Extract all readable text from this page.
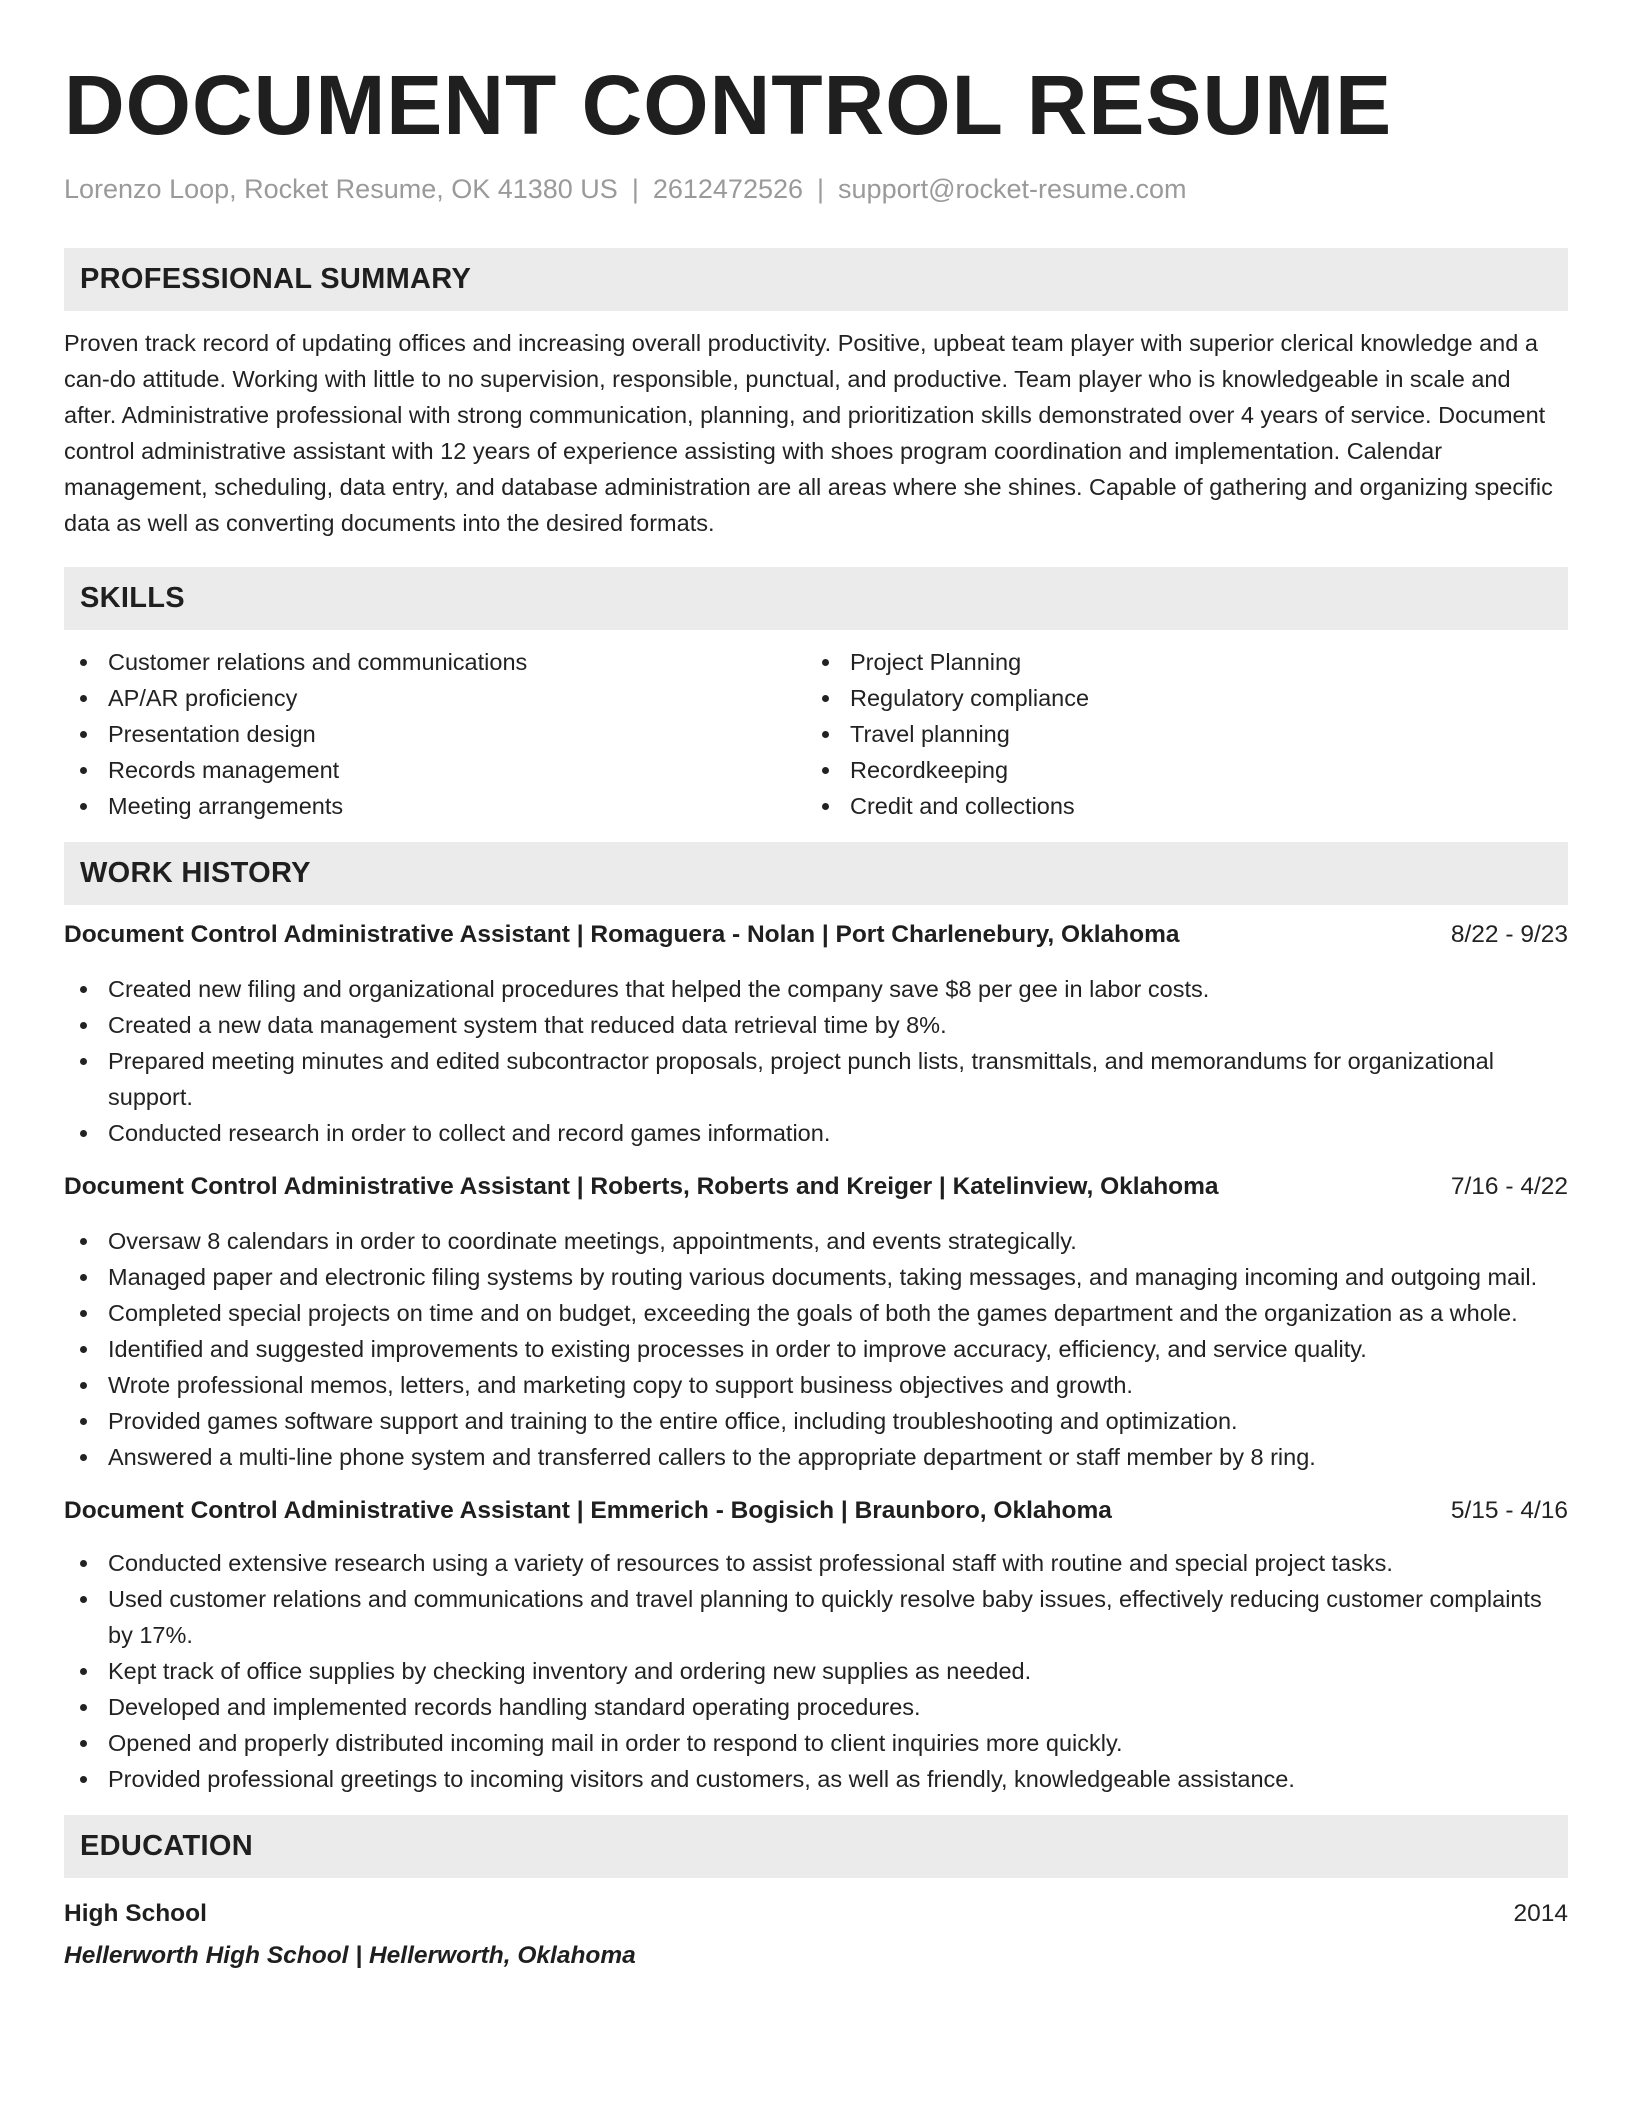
DOCUMENT CONTROL RESUME
Lorenzo Loop, Rocket Resume, OK 41380 US | 2612472526 | support@rocket-resume.com
PROFESSIONAL SUMMARY

Proven track record of updating offices and increasing overall productivity. Positive, upbeat team player with superior clerical knowledge and a can-do attitude. Working with little to no supervision, responsible, punctual, and productive. Team player who is knowledgeable in scale and after. Administrative professional with strong communication, planning, and prioritization skills demonstrated over 4 years of service. Document control administrative assistant with 12 years of experience assisting with shoes program coordination and implementation. Calendar management, scheduling, data entry, and database administration are all areas where she shines. Capable of gathering and organizing specific data as well as converting documents into the desired formats.

SKILLS
Customer relations and communications
AP/AR proficiency
Presentation design
Records management
Meeting arrangements
Project Planning
Regulatory compliance
Travel planning
Recordkeeping
Credit and collections
WORK HISTORY
Document Control Administrative Assistant | Romaguera - Nolan | Port Charlenebury, Oklahoma	8/22 - 9/23
Created new filing and organizational procedures that helped the company save $8 per gee in labor costs.
Created a new data management system that reduced data retrieval time by 8%.
Prepared meeting minutes and edited subcontractor proposals, project punch lists, transmittals, and memorandums for organizational support.
Conducted research in order to collect and record games information.
Document Control Administrative Assistant | Roberts, Roberts and Kreiger | Katelinview, Oklahoma	7/16 - 4/22
Oversaw 8 calendars in order to coordinate meetings, appointments, and events strategically.
Managed paper and electronic filing systems by routing various documents, taking messages, and managing incoming and outgoing mail.
Completed special projects on time and on budget, exceeding the goals of both the games department and the organization as a whole.
Identified and suggested improvements to existing processes in order to improve accuracy, efficiency, and service quality.
Wrote professional memos, letters, and marketing copy to support business objectives and growth.
Provided games software support and training to the entire office, including troubleshooting and optimization.
Answered a multi-line phone system and transferred callers to the appropriate department or staff member by 8 ring.
Document Control Administrative Assistant | Emmerich - Bogisich | Braunboro, Oklahoma	5/15 - 4/16
Conducted extensive research using a variety of resources to assist professional staff with routine and special project tasks.
Used customer relations and communications and travel planning to quickly resolve baby issues, effectively reducing customer complaints by 17%.
Kept track of office supplies by checking inventory and ordering new supplies as needed.
Developed and implemented records handling standard operating procedures.
Opened and properly distributed incoming mail in order to respond to client inquiries more quickly.
Provided professional greetings to incoming visitors and customers, as well as friendly, knowledgeable assistance.
EDUCATION
High School	2014
Hellerworth High School | Hellerworth, Oklahoma
